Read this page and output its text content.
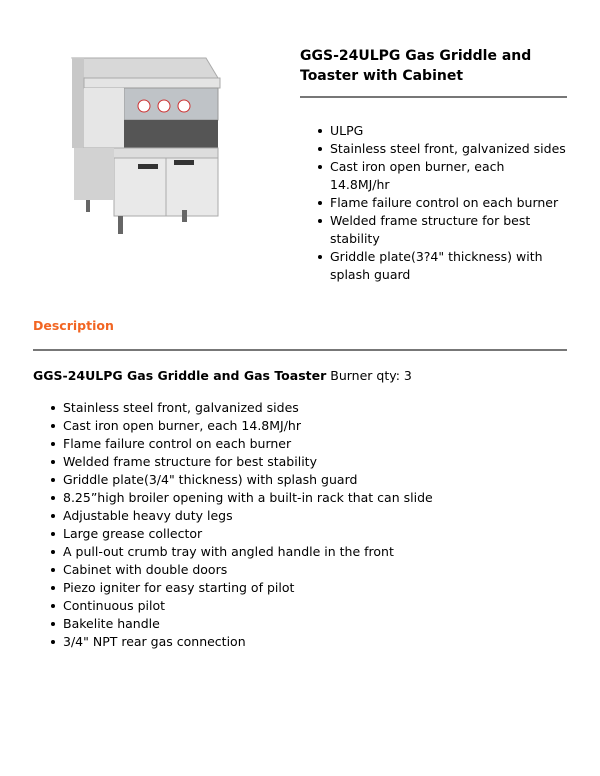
GGS-24ULPG Gas Griddle and Toaster with Cabinet
ULPG
Stainless steel front, galvanized sides
Cast iron open burner, each 14.8MJ/hr
Flame failure control on each burner
Welded frame structure for best stability
Griddle plate(3?4" thickness) with splash guard
Description
GGS-24ULPG Gas Griddle and Gas Toaster Burner qty: 3
Stainless steel front, galvanized sides
Cast iron open burner, each 14.8MJ/hr
Flame failure control on each burner
Welded frame structure for best stability
Griddle plate(3/4" thickness) with splash guard
8.25”high broiler opening with a built-in rack that can slide
Adjustable heavy duty legs
Large grease collector
A pull-out crumb tray with angled handle in the front
Cabinet with double doors
Piezo igniter for easy starting of pilot
Continuous pilot
Bakelite handle
3/4" NPT rear gas connection
